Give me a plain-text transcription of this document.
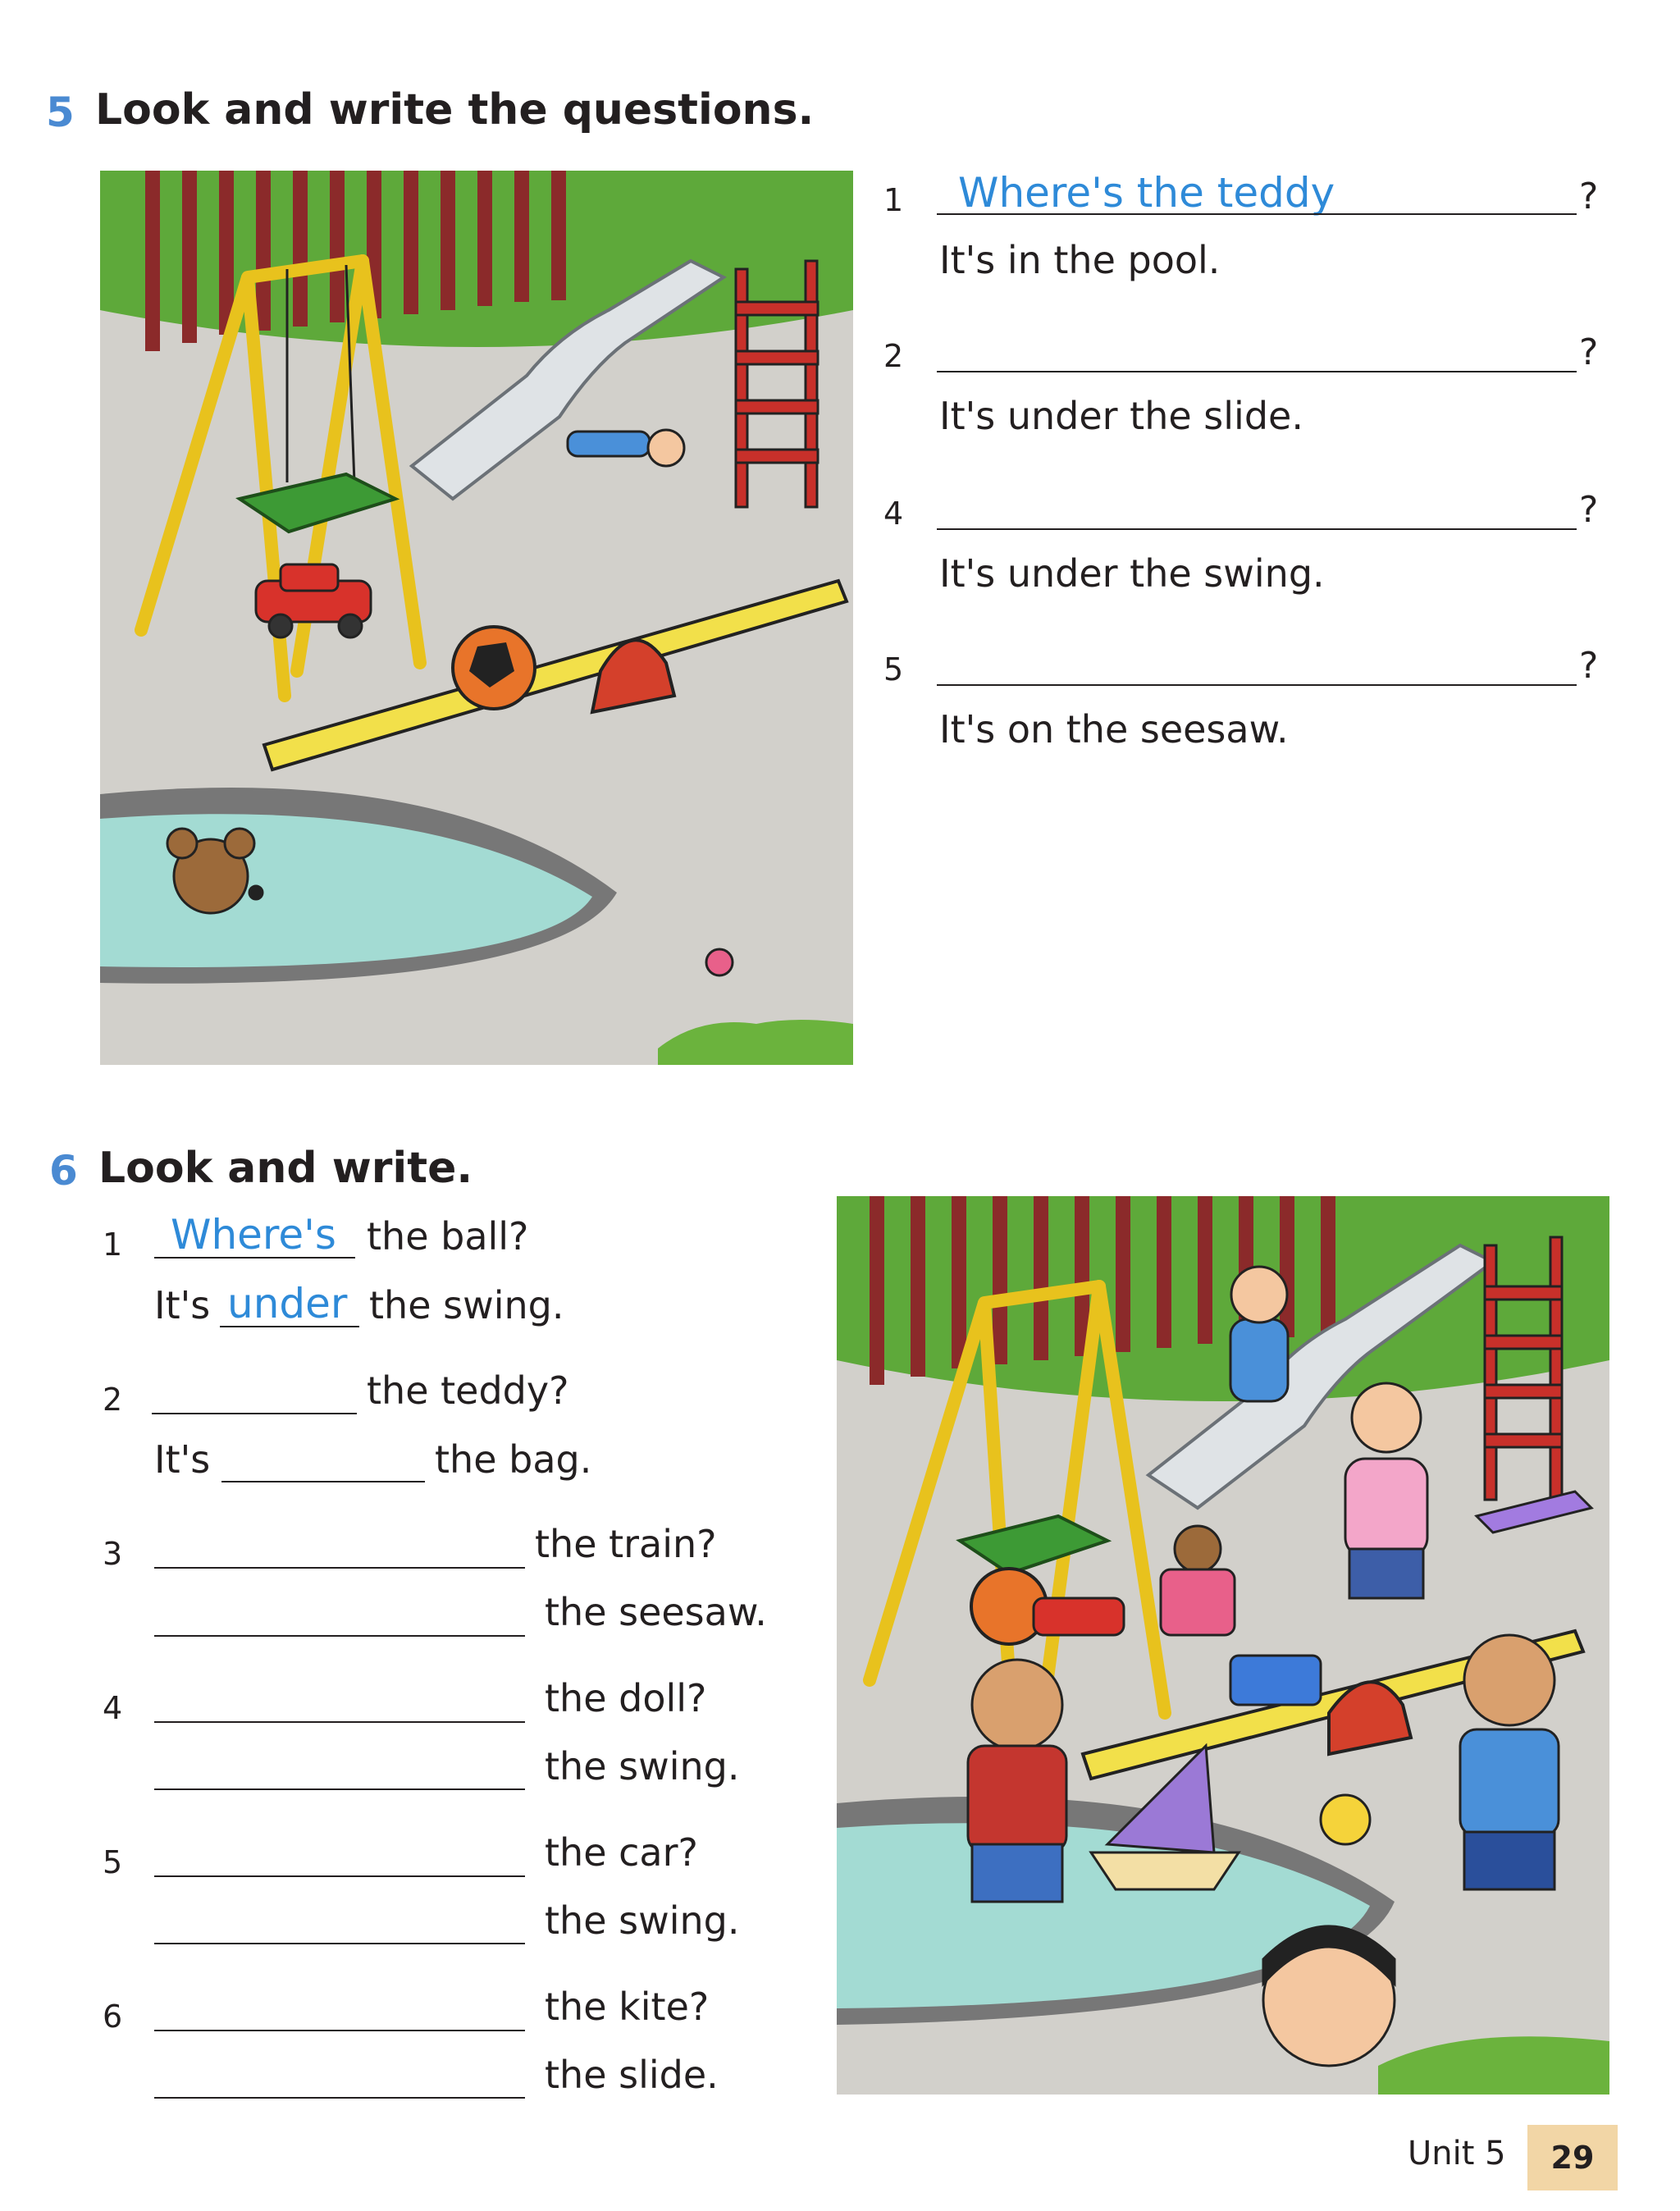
5 Look and write the questions.
1 Where's the teddy	?
It's in the pool.
2	?
It's under the slide.
4	?
It's under the swing.
5	?
It's on the seesaw.
6 Look and write.
1 Where's the ball?
It's under the swing.
2	the teddy?
It's	the bag.
3	the train?
the seesaw.
4	the doll?
the swing.
5	the car?
the swing.
6	the kite?
the slide.
Unit 5	29
